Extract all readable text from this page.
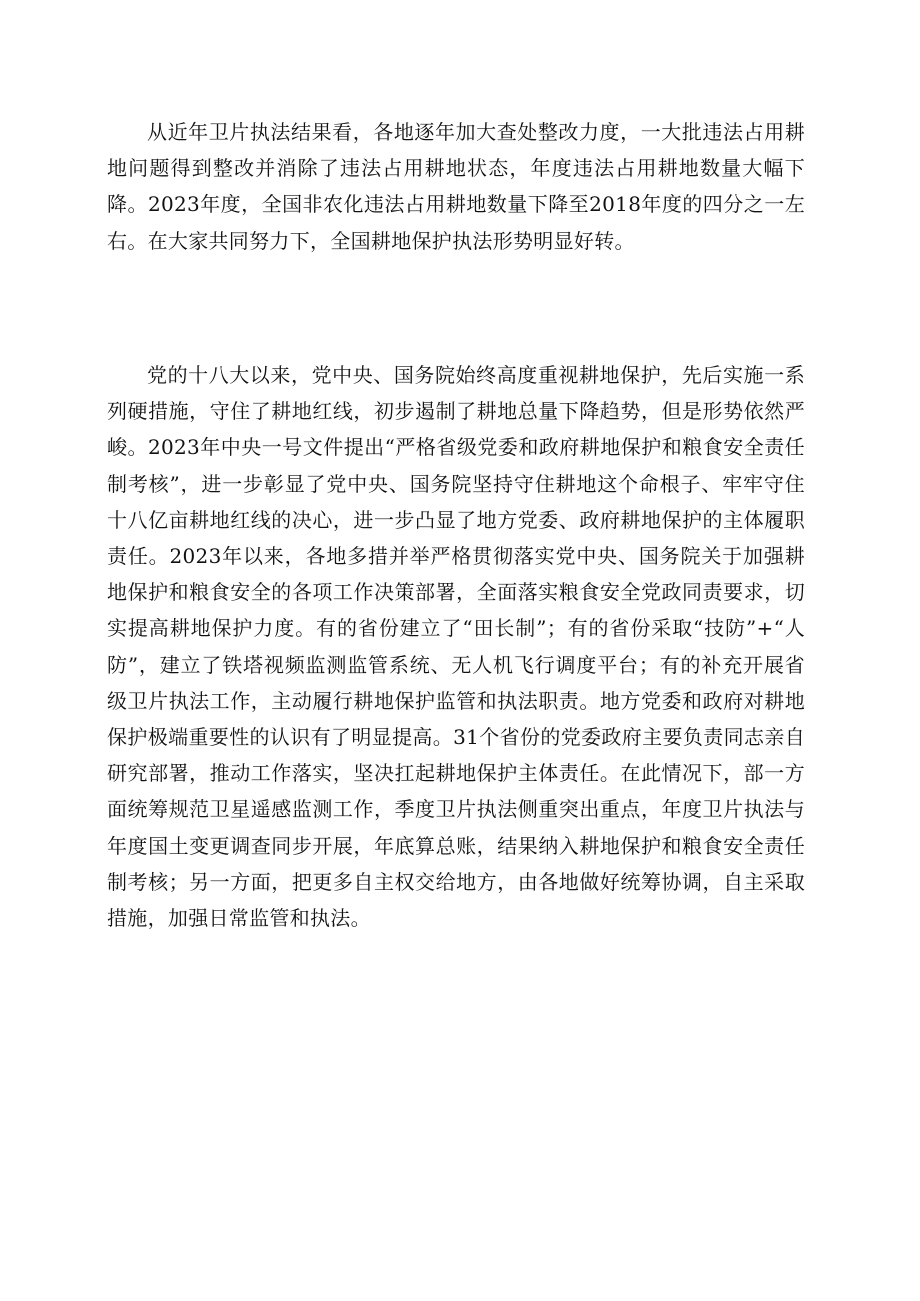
从近年卫片执法结果看，各地逐年加大查处整改力度，一大批违法占用耕地问题得到整改并消除了违法占用耕地状态，年度违法占用耕地数量大幅下降。2023年度，全国非农化违法占用耕地数量下降至2018年度的四分之一左右。在大家共同努力下，全国耕地保护执法形势明显好转。

党的十八大以来，党中央、国务院始终高度重视耕地保护，先后实施一系列硬措施，守住了耕地红线，初步遏制了耕地总量下降趋势，但是形势依然严峻。2023年中央一号文件提出“严格省级党委和政府耕地保护和粮食安全责任制考核”，进一步彰显了党中央、国务院坚持守住耕地这个命根子、牢牢守住十八亿亩耕地红线的决心，进一步凸显了地方党委、政府耕地保护的主体履职责任。2023年以来，各地多措并举严格贯彻落实党中央、国务院关于加强耕地保护和粮食安全的各项工作决策部署，全面落实粮食安全党政同责要求，切实提高耕地保护力度。有的省份建立了“田长制”；有的省份采取“技防”+“人防”，建立了铁塔视频监测监管系统、无人机飞行调度平台；有的补充开展省级卫片执法工作，主动履行耕地保护监管和执法职责。地方党委和政府对耕地保护极端重要性的认识有了明显提高。31个省份的党委政府主要负责同志亲自研究部署，推动工作落实，坚决扛起耕地保护主体责任。在此情况下，部一方面统筹规范卫星遥感监测工作，季度卫片执法侧重突出重点，年度卫片执法与年度国土变更调查同步开展，年底算总账，结果纳入耕地保护和粮食安全责任制考核；另一方面，把更多自主权交给地方，由各地做好统筹协调，自主采取措施，加强日常监管和执法。
